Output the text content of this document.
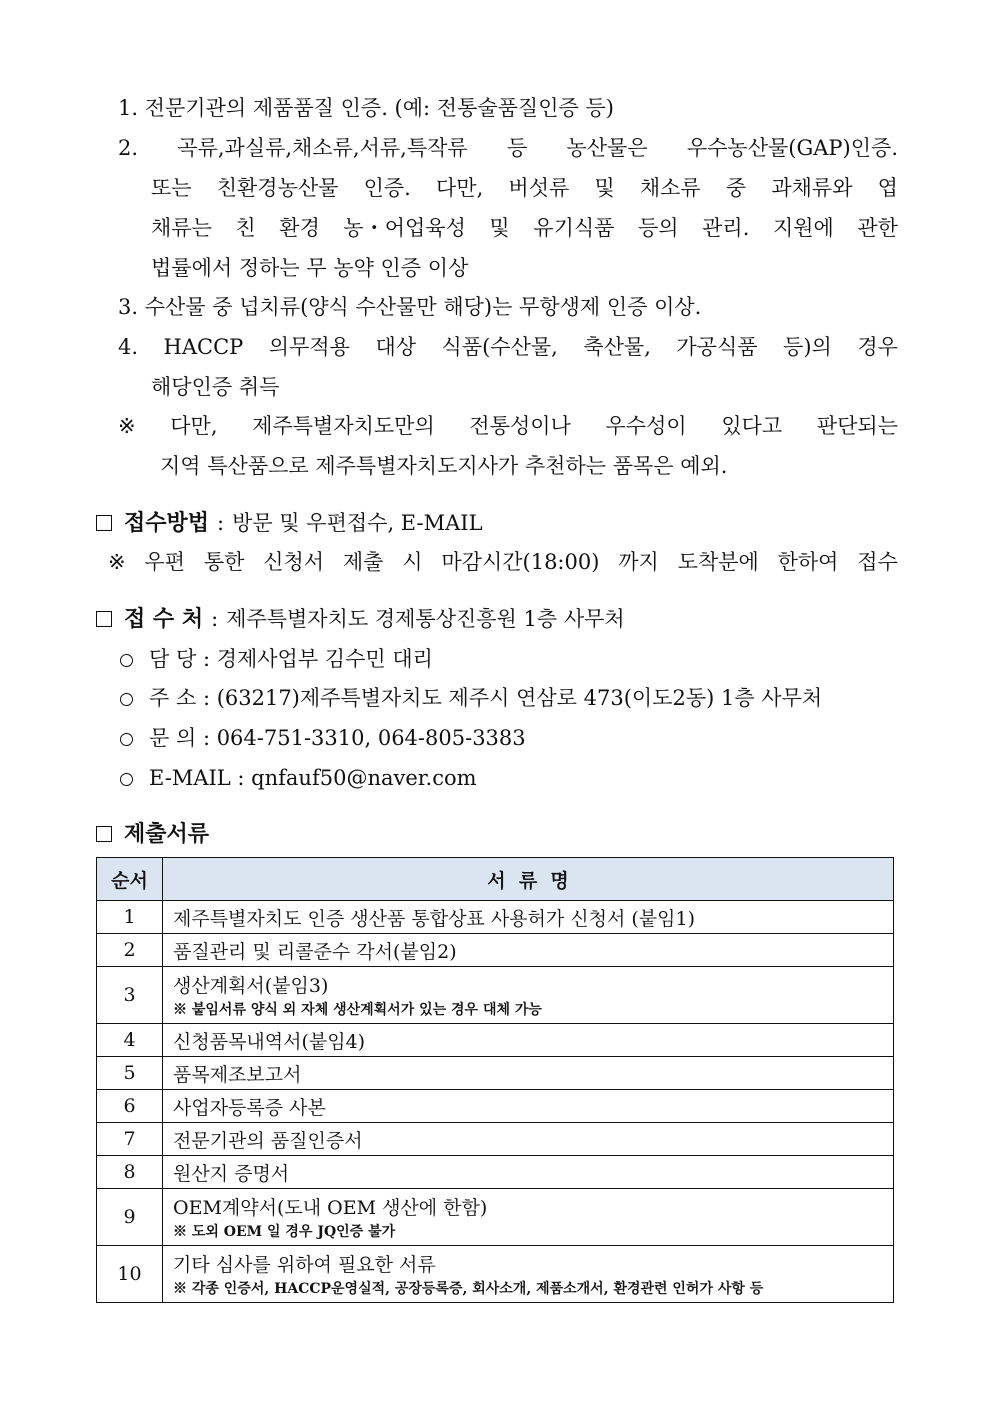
1. 전문기관의 제품품질 인증. (예: 전통술품질인증 등)
2. 곡류,과실류,채소류,서류,특작류 등 농산물은 우수농산물(GAP)인증.
또는 친환경농산물 인증. 다만, 버섯류 및 채소류 중 과채류와 엽
채류는 친 환경 농・어업육성 및 유기식품 등의 관리. 지원에 관한
법률에서 정하는 무 농약 인증 이상
3. 수산물 중 넙치류(양식 수산물만 해당)는 무항생제 인증 이상.
4. HACCP 의무적용 대상 식품(수산물, 축산물, 가공식품 등)의 경우
해당인증 취득
※ 다만, 제주특별자치도만의 전통성이나 우수성이 있다고 판단되는
지역 특산품으로 제주특별자치도지사가 추천하는 품목은 예외.
접수방법 : 방문 및 우편접수, E-MAIL
※ 우편 통한 신청서 제출 시 마감시간(18:00) 까지 도착분에 한하여 접수
접 수 처 : 제주특별자치도 경제통상진흥원 1층 사무처
담 당 : 경제사업부 김수민 대리
주 소 : (63217)제주특별자치도 제주시 연삼로 473(이도2동) 1층 사무처
문 의 : 064-751-3310, 064-805-3383
E-MAIL : qnfauf50@naver.com
제출서류
순서	서  류  명
1	제주특별자치도 인증 생산품 통합상표 사용허가 신청서 (붙임1)
2	품질관리 및 리콜준수 각서(붙임2)
3	생산계획서(붙임3)
※ 붙임서류 양식 외 자체 생산계획서가 있는 경우 대체 가능

4	신청품목내역서(붙임4)
5	품목제조보고서
6	사업자등록증 사본
7	전문기관의 품질인증서
8	원산지 증명서
9	OEM계약서(도내 OEM 생산에 한함)
※ 도외 OEM 일 경우 JQ인증 불가

10	기타 심사를 위하여 필요한 서류
※ 각종 인증서, HACCP운영실적, 공장등록증, 회사소개, 제품소개서, 환경관련 인허가 사항 등
